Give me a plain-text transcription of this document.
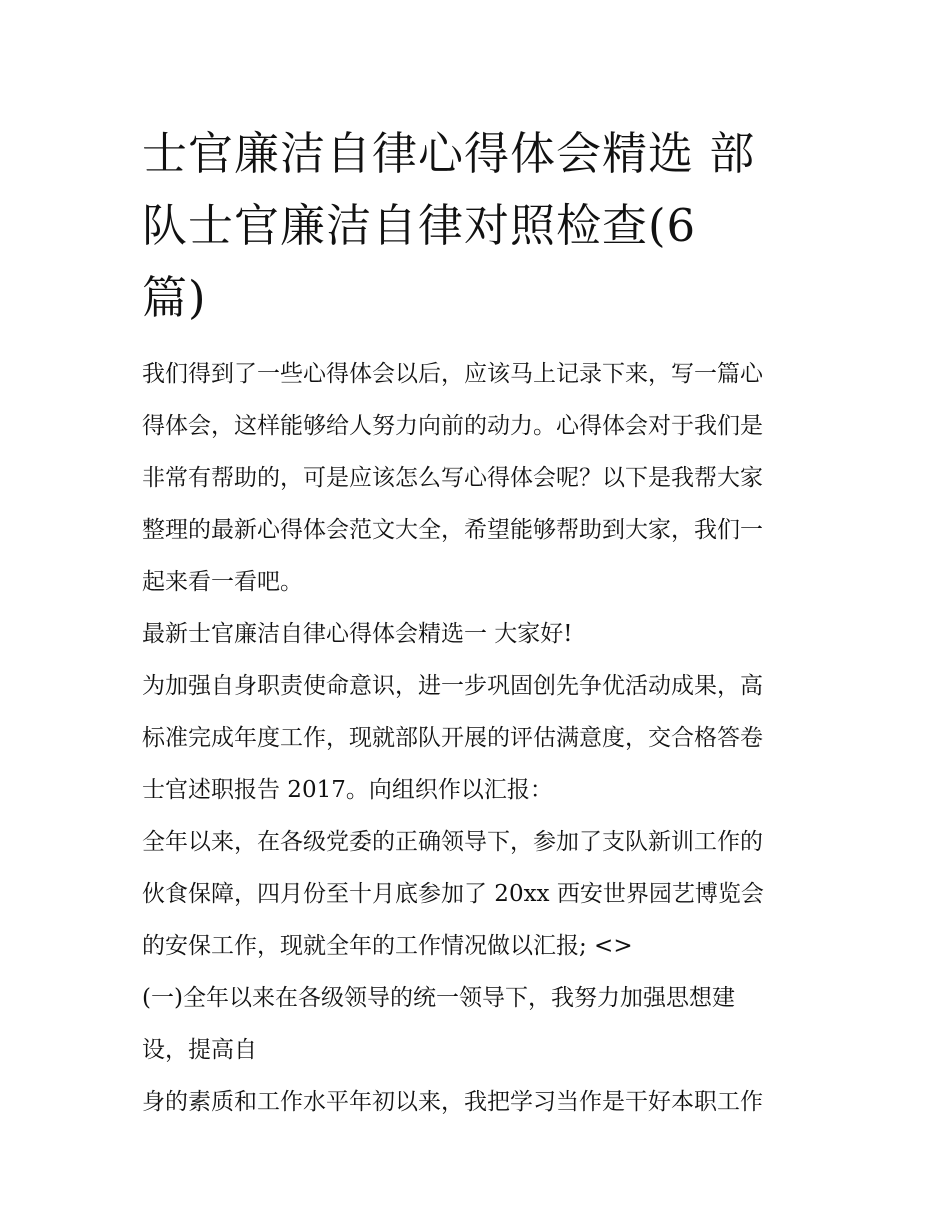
士官廉洁自律心得体会精选 部
队士官廉洁自律对照检查(6
篇)
我们得到了一些心得体会以后，应该马上记录下来，写一篇心
得体会，这样能够给人努力向前的动力。心得体会对于我们是
非常有帮助的，可是应该怎么写心得体会呢？以下是我帮大家
整理的最新心得体会范文大全，希望能够帮助到大家，我们一
起来看一看吧。
最新士官廉洁自律心得体会精选一 大家好!
为加强自身职责使命意识，进一步巩固创先争优活动成果，高
标准完成年度工作，现就部队开展的评估满意度，交合格答卷
士官述职报告 2017。向组织作以汇报：
全年以来，在各级党委的正确领导下，参加了支队新训工作的
伙食保障，四月份至十月底参加了 20xx 西安世界园艺博览会
的安保工作，现就全年的工作情况做以汇报; <>
(一)全年以来在各级领导的统一领导下，我努力加强思想建
设，提高自
身的素质和工作水平年初以来，我把学习当作是干好本职工作
